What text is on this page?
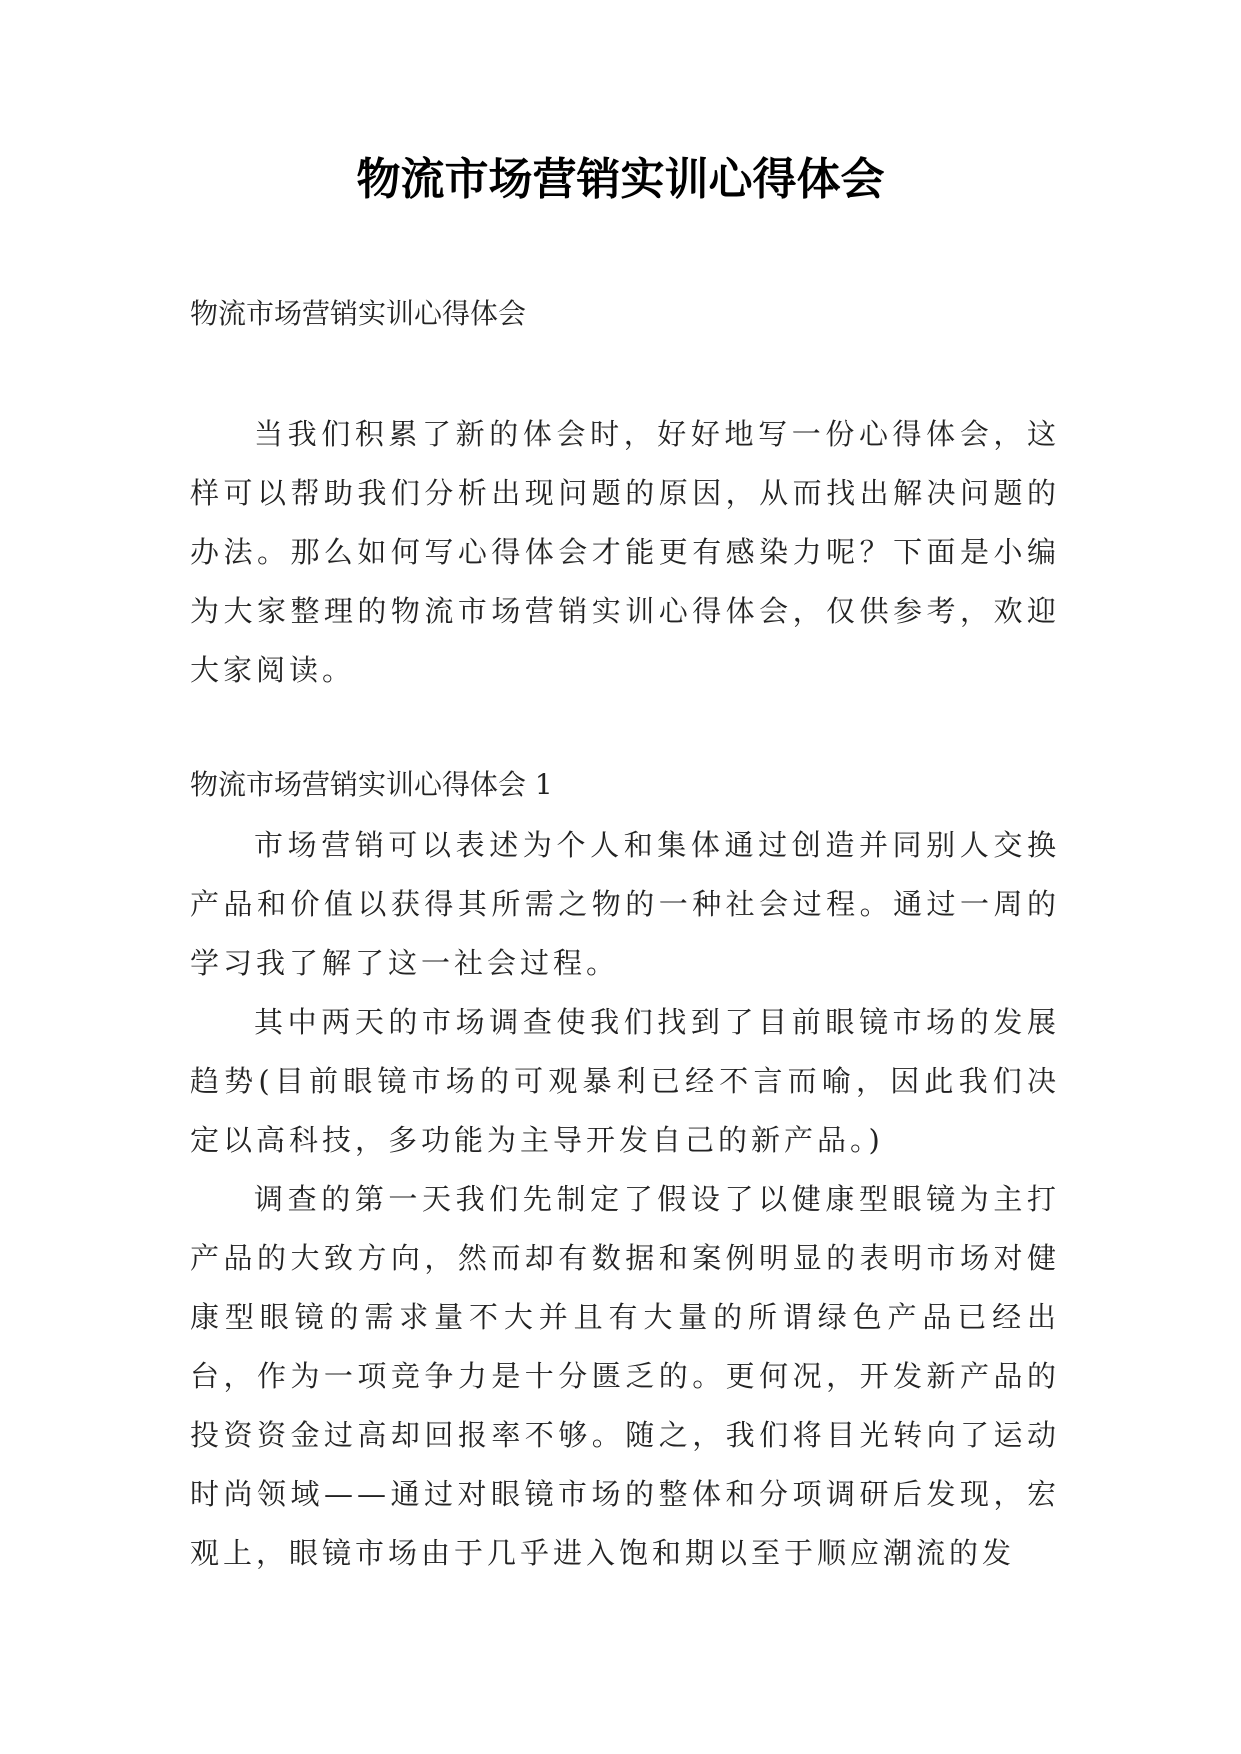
物流市场营销实训心得体会

物流市场营销实训心得体会

当我们积累了新的体会时，好好地写一份心得体会，这样可以帮助我们分析出现问题的原因，从而找出解决问题的办法。那么如何写心得体会才能更有感染力呢？下面是小编为大家整理的物流市场营销实训心得体会，仅供参考，欢迎大家阅读。

物流市场营销实训心得体会 1

市场营销可以表述为个人和集体通过创造并同别人交换产品和价值以获得其所需之物的一种社会过程。通过一周的学习我了解了这一社会过程。

其中两天的市场调查使我们找到了目前眼镜市场的发展趋势(目前眼镜市场的可观暴利已经不言而喻，因此我们决定以高科技，多功能为主导开发自己的新产品。)

调查的第一天我们先制定了假设了以健康型眼镜为主打产品的大致方向，然而却有数据和案例明显的表明市场对健康型眼镜的需求量不大并且有大量的所谓绿色产品已经出台，作为一项竞争力是十分匮乏的。更何况，开发新产品的投资资金过高却回报率不够。随之，我们将目光转向了运动时尚领域——通过对眼镜市场的整体和分项调研后发现，宏观上，眼镜市场由于几乎进入饱和期以至于顺应潮流的发
